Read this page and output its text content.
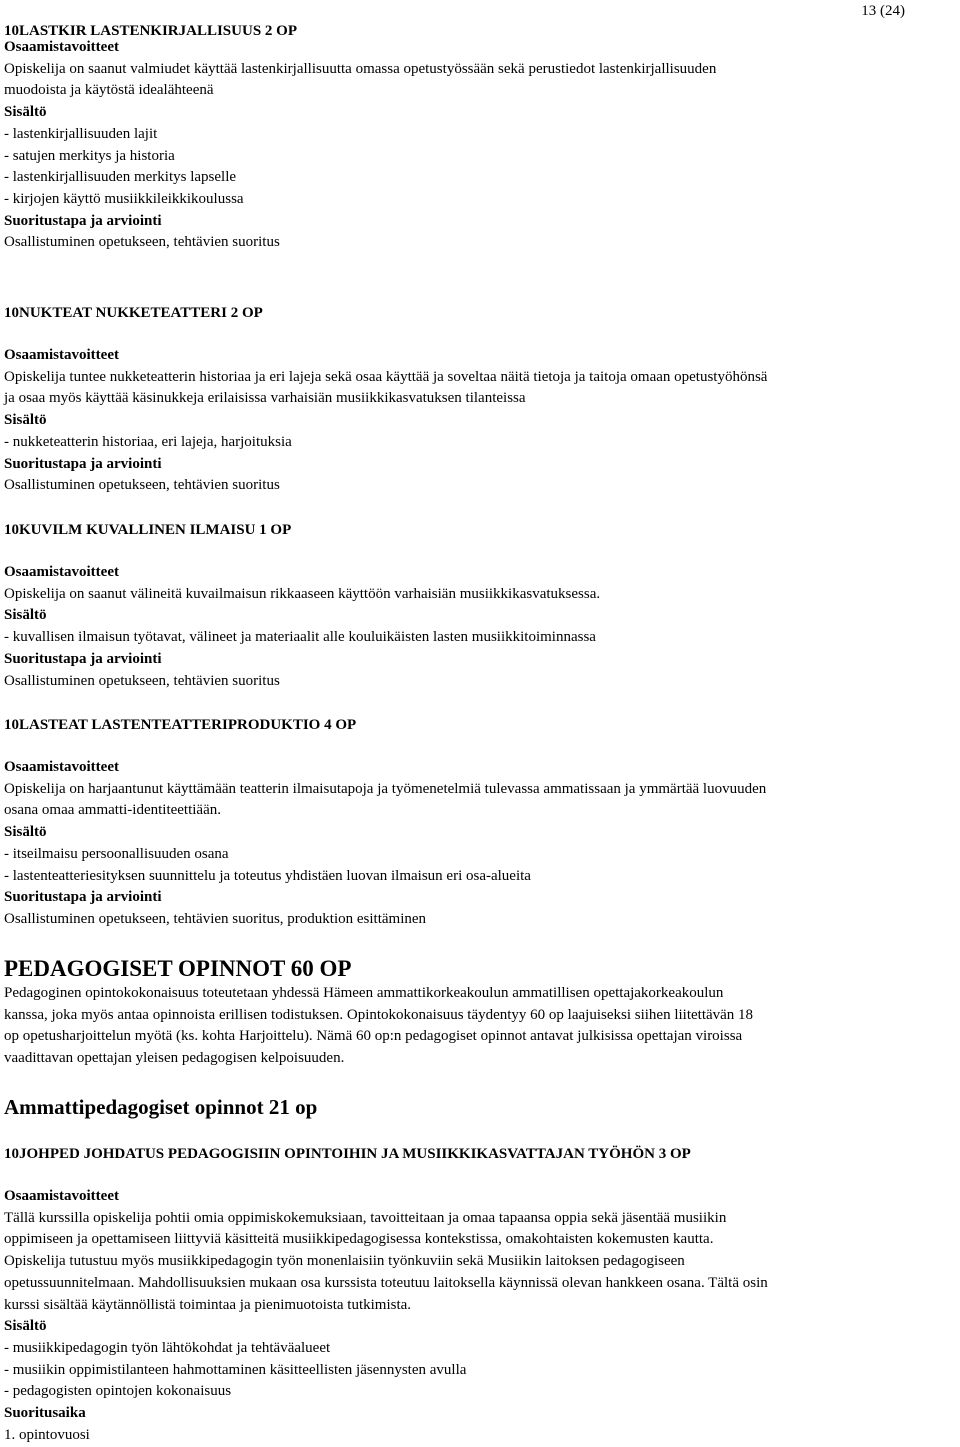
13 (24)
10LASTKIR LASTENKIRJALLISUUS 2 OP
Osaamistavoitteet
Opiskelija on saanut valmiudet käyttää lastenkirjallisuutta omassa opetustyössään sekä perustiedot lastenkirjallisuuden
muodoista ja käytöstä idealähteenä
Sisältö
- lastenkirjallisuuden lajit
- satujen merkitys ja historia
- lastenkirjallisuuden merkitys lapselle
- kirjojen käyttö musiikkileikkikoulussa
Suoritustapa ja arviointi
Osallistuminen opetukseen, tehtävien suoritus
10NUKTEAT NUKKETEATTERI 2 OP
Osaamistavoitteet
Opiskelija tuntee nukketeatterin historiaa ja eri lajeja sekä osaa käyttää ja soveltaa näitä tietoja ja taitoja omaan opetustyöhönsä
ja osaa myös käyttää käsinukkeja erilaisissa varhaisiän musiikkikasvatuksen tilanteissa
Sisältö
- nukketeatterin historiaa, eri lajeja, harjoituksia
Suoritustapa ja arviointi
Osallistuminen opetukseen, tehtävien suoritus
10KUVILM KUVALLINEN ILMAISU 1 OP
Osaamistavoitteet
Opiskelija on saanut välineitä kuvailmaisun rikkaaseen käyttöön varhaisiän musiikkikasvatuksessa.
Sisältö
- kuvallisen ilmaisun työtavat, välineet ja materiaalit alle kouluikäisten lasten musiikkitoiminnassa
Suoritustapa ja arviointi
Osallistuminen opetukseen, tehtävien suoritus
10LASTEAT LASTENTEATTERIPRODUKTIO 4 OP
Osaamistavoitteet
Opiskelija on harjaantunut käyttämään teatterin ilmaisutapoja ja työmenetelmiä tulevassa ammatissaan ja ymmärtää luovuuden
osana omaa ammatti-identiteettiään.
Sisältö
- itseilmaisu persoonallisuuden osana
- lastenteatteriesityksen suunnittelu ja toteutus yhdistäen luovan ilmaisun eri osa-alueita
Suoritustapa ja arviointi
Osallistuminen opetukseen, tehtävien suoritus, produktion esittäminen
PEDAGOGISET OPINNOT 60 OP
Pedagoginen opintokokonaisuus toteutetaan yhdessä Hämeen ammattikorkeakoulun ammatillisen opettajakorkeakoulun
kanssa, joka myös antaa opinnoista erillisen todistuksen. Opintokokonaisuus täydentyy 60 op laajuiseksi siihen liitettävän 18
op opetusharjoittelun myötä (ks. kohta Harjoittelu). Nämä 60 op:n pedagogiset opinnot antavat julkisissa opettajan viroissa
vaadittavan opettajan yleisen pedagogisen kelpoisuuden.
Ammattipedagogiset opinnot 21 op
10JOHPED JOHDATUS PEDAGOGISIIN OPINTOIHIN JA MUSIIKKIKASVATTAJAN TYÖHÖN 3 OP
Osaamistavoitteet
Tällä kurssilla opiskelija pohtii omia oppimiskokemuksiaan, tavoitteitaan ja omaa tapaansa oppia sekä jäsentää musiikin
oppimiseen ja opettamiseen liittyviä käsitteitä musiikkipedagogisessa kontekstissa, omakohtaisten kokemusten kautta.
Opiskelija tutustuu myös musiikkipedagogin työn monenlaisiin työnkuviin sekä Musiikin laitoksen pedagogiseen
opetussuunnitelmaan. Mahdollisuuksien mukaan osa kurssista toteutuu laitoksella käynnissä olevan hankkeen osana. Tältä osin
kurssi sisältää käytännöllistä toimintaa ja pienimuotoista tutkimista.
Sisältö
- musiikkipedagogin työn lähtökohdat ja tehtäväalueet
- musiikin oppimistilanteen hahmottaminen käsitteellisten jäsennysten avulla
- pedagogisten opintojen kokonaisuus
Suoritusaika
1. opintovuosi
